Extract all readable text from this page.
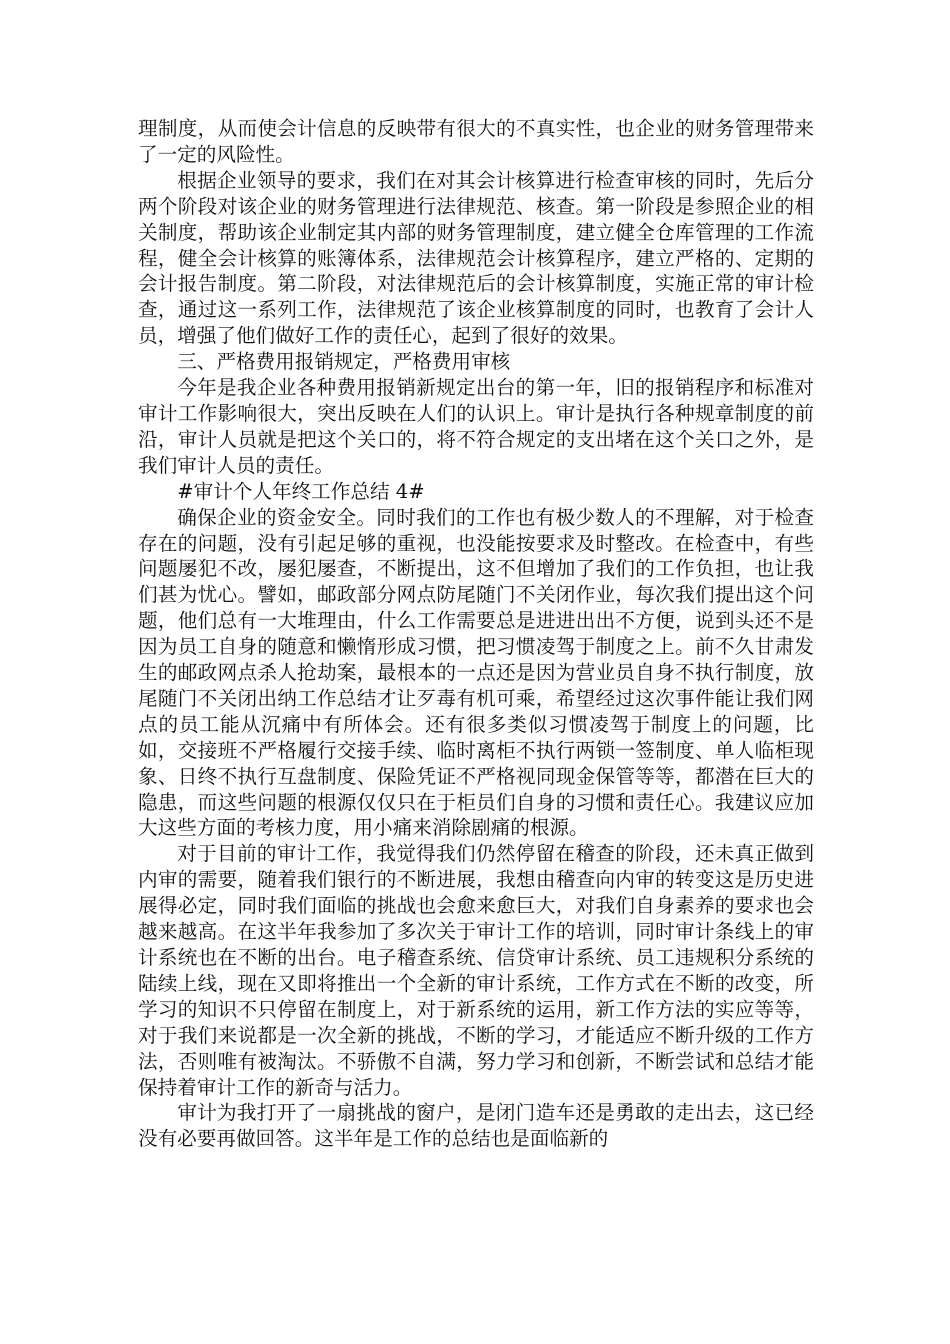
理制度，从而使会计信息的反映带有很大的不真实性，也企业的财务管理带来了一定的风险性。

根据企业领导的要求，我们在对其会计核算进行检查审核的同时，先后分两个阶段对该企业的财务管理进行法律规范、核查。第一阶段是参照企业的相关制度，帮助该企业制定其内部的财务管理制度，建立健全仓库管理的工作流程，健全会计核算的账簿体系，法律规范会计核算程序，建立严格的、定期的会计报告制度。第二阶段，对法律规范后的会计核算制度，实施正常的审计检查，通过这一系列工作，法律规范了该企业核算制度的同时，也教育了会计人员，增强了他们做好工作的责任心，起到了很好的效果。

三、严格费用报销规定，严格费用审核

今年是我企业各种费用报销新规定出台的第一年，旧的报销程序和标准对审计工作影响很大，突出反映在人们的认识上。审计是执行各种规章制度的前沿，审计人员就是把这个关口的，将不符合规定的支出堵在这个关口之外，是我们审计人员的责任。

#审计个人年终工作总结 4#

确保企业的资金安全。同时我们的工作也有极少数人的不理解，对于检查存在的问题，没有引起足够的重视，也没能按要求及时整改。在检查中，有些问题屡犯不改，屡犯屡查，不断提出，这不但增加了我们的工作负担，也让我们甚为忧心。譬如，邮政部分网点防尾随门不关闭作业，每次我们提出这个问题，他们总有一大堆理由，什么工作需要总是进进出出不方便，说到头还不是因为员工自身的随意和懒惰形成习惯，把习惯凌驾于制度之上。前不久甘肃发生的邮政网点杀人抢劫案，最根本的一点还是因为营业员自身不执行制度，放尾随门不关闭出纳工作总结才让歹毒有机可乘，希望经过这次事件能让我们网点的员工能从沉痛中有所体会。还有很多类似习惯凌驾于制度上的问题，比如，交接班不严格履行交接手续、临时离柜不执行两锁一签制度、单人临柜现象、日终不执行互盘制度、保险凭证不严格视同现金保管等等，都潜在巨大的隐患，而这些问题的根源仅仅只在于柜员们自身的习惯和责任心。我建议应加大这些方面的考核力度，用小痛来消除剧痛的根源。

对于目前的审计工作，我觉得我们仍然停留在稽查的阶段，还未真正做到内审的需要，随着我们银行的不断进展，我想由稽查向内审的转变这是历史进展得必定，同时我们面临的挑战也会愈来愈巨大，对我们自身素养的要求也会越来越高。在这半年我参加了多次关于审计工作的培训，同时审计条线上的审计系统也在不断的出台。电子稽查系统、信贷审计系统、员工违规积分系统的陆续上线，现在又即将推出一个全新的审计系统，工作方式在不断的改变，所学习的知识不只停留在制度上，对于新系统的运用，新工作方法的实应等等，对于我们来说都是一次全新的挑战，不断的学习，才能适应不断升级的工作方法，否则唯有被淘汰。不骄傲不自满，努力学习和创新，不断尝试和总结才能保持着审计工作的新奇与活力。

审计为我打开了一扇挑战的窗户，是闭门造车还是勇敢的走出去，这已经没有必要再做回答。这半年是工作的总结也是面临新的
